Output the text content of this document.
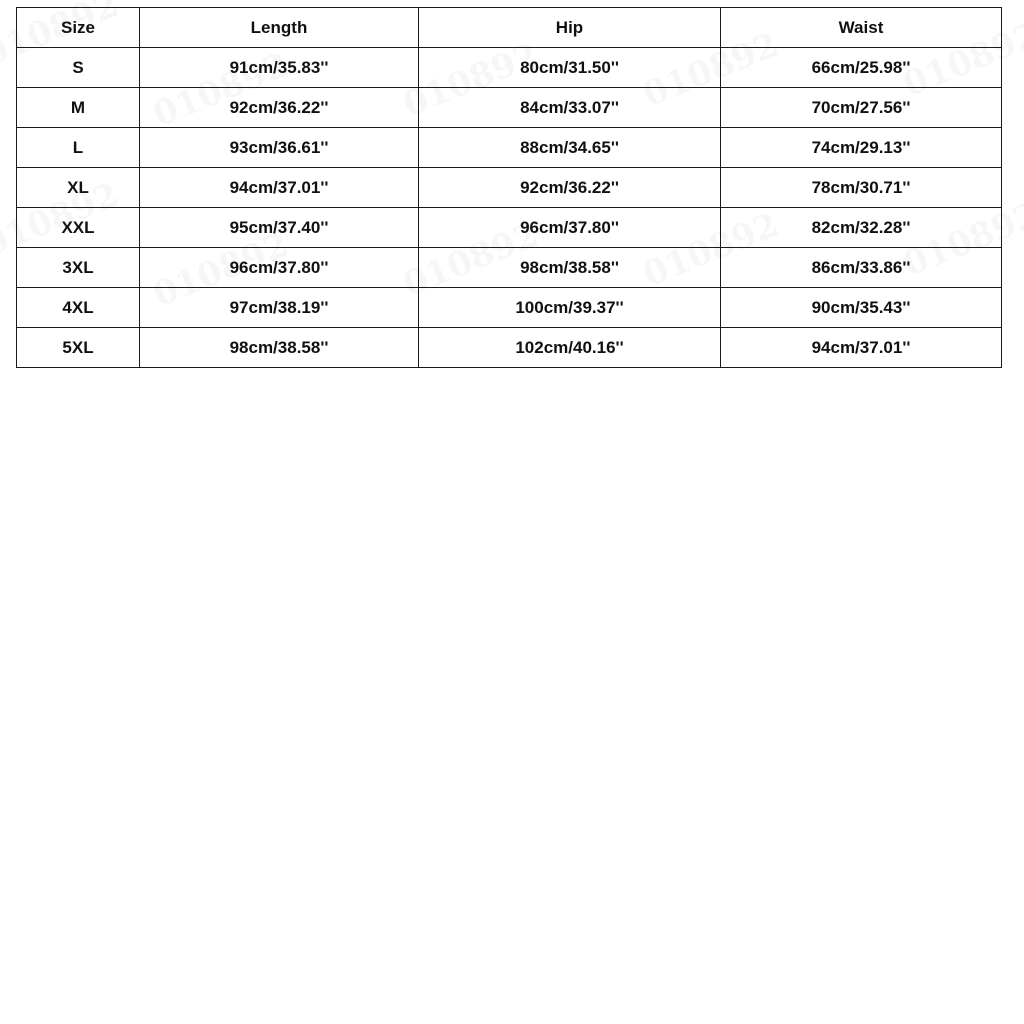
Size	Length	Hip	Waist
S	91cm/35.83''	80cm/31.50''	66cm/25.98''
M	92cm/36.22''	84cm/33.07''	70cm/27.56''
L	93cm/36.61''	88cm/34.65''	74cm/29.13''
XL	94cm/37.01''	92cm/36.22''	78cm/30.71''
XXL	95cm/37.40''	96cm/37.80''	82cm/32.28''
3XL	96cm/37.80''	98cm/38.58''	86cm/33.86''
4XL	97cm/38.19''	100cm/39.37''	90cm/35.43''
5XL	98cm/38.58''	102cm/40.16''	94cm/37.01''
